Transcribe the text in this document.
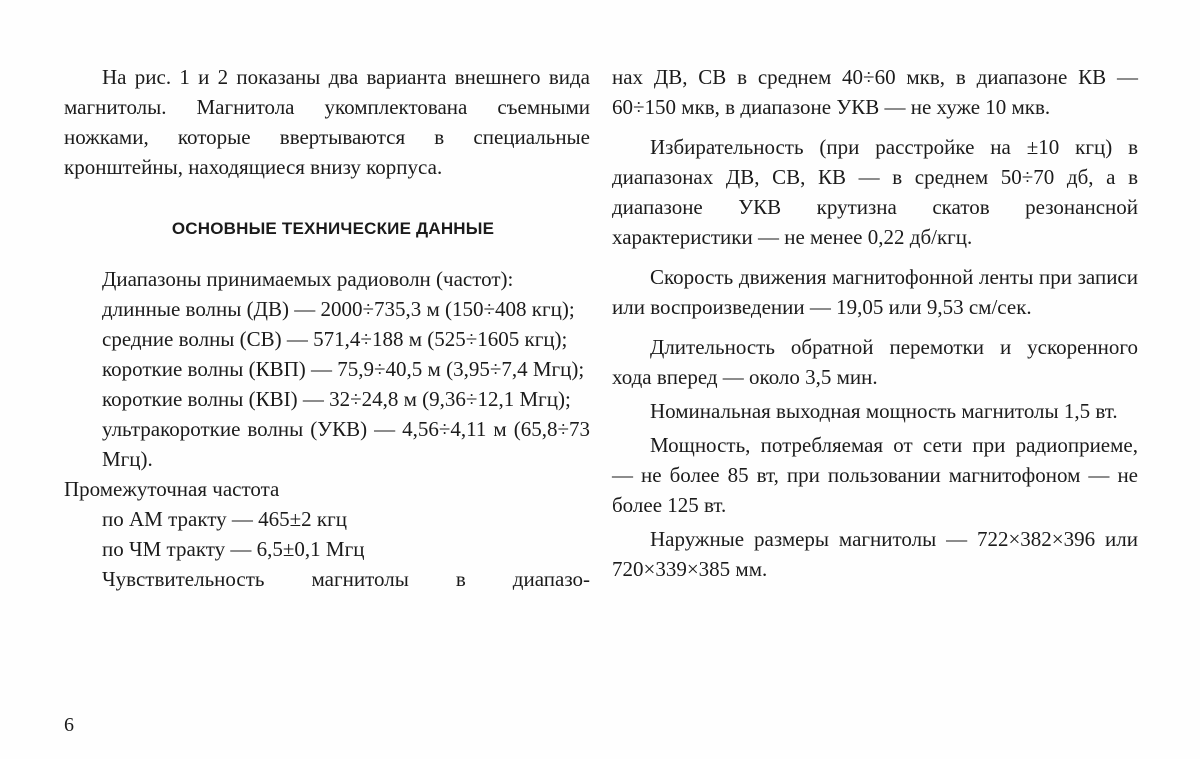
На рис. 1 и 2 показаны два варианта внешнего вида магнитолы. Магнитола укомплектована съемными ножками, которые ввертываются в специальные кронштейны, находящиеся внизу корпуса.

ОСНОВНЫЕ ТЕХНИЧЕСКИЕ ДАННЫЕ

Диапазоны принимаемых радиоволн (частот):

длинные волны (ДВ) — 2000÷735,3 м (150÷408 кгц);

средние волны (СВ) — 571,4÷188 м (525÷1605 кгц);

короткие волны (КВП) — 75,9÷40,5 м (3,95÷7,4 Мгц);

короткие волны (КВI) — 32÷24,8 м (9,36÷12,1 Мгц);

ультракороткие волны (УКВ) — 4,56÷4,11 м (65,8÷73 Мгц).

Промежуточная частота

по АМ тракту — 465±2 кгц

по ЧМ тракту — 6,5±0,1 Мгц

Чувствительность магнитолы в диапазо-

нах ДВ, СВ в среднем 40÷60 мкв, в диапазоне КВ — 60÷150 мкв, в диапазоне УКВ — не хуже 10 мкв.

Избирательность (при расстройке на ±10 кгц) в диапазонах ДВ, СВ, КВ — в среднем 50÷70 дб, а в диапазоне УКВ крутизна скатов резонансной характеристики — не менее 0,22 дб/кгц.

Скорость движения магнитофонной ленты при записи или воспроизведении — 19,05 или 9,53 см/сек.

Длительность обратной перемотки и ускоренного хода вперед — около 3,5 мин.

Номинальная выходная мощность магнитолы 1,5 вт.

Мощность, потребляемая от сети при радиоприеме, — не более 85 вт, при пользовании магнитофоном — не более 125 вт.

Наружные размеры магнитолы — 722×382×396 или 720×339×385 мм.

6
